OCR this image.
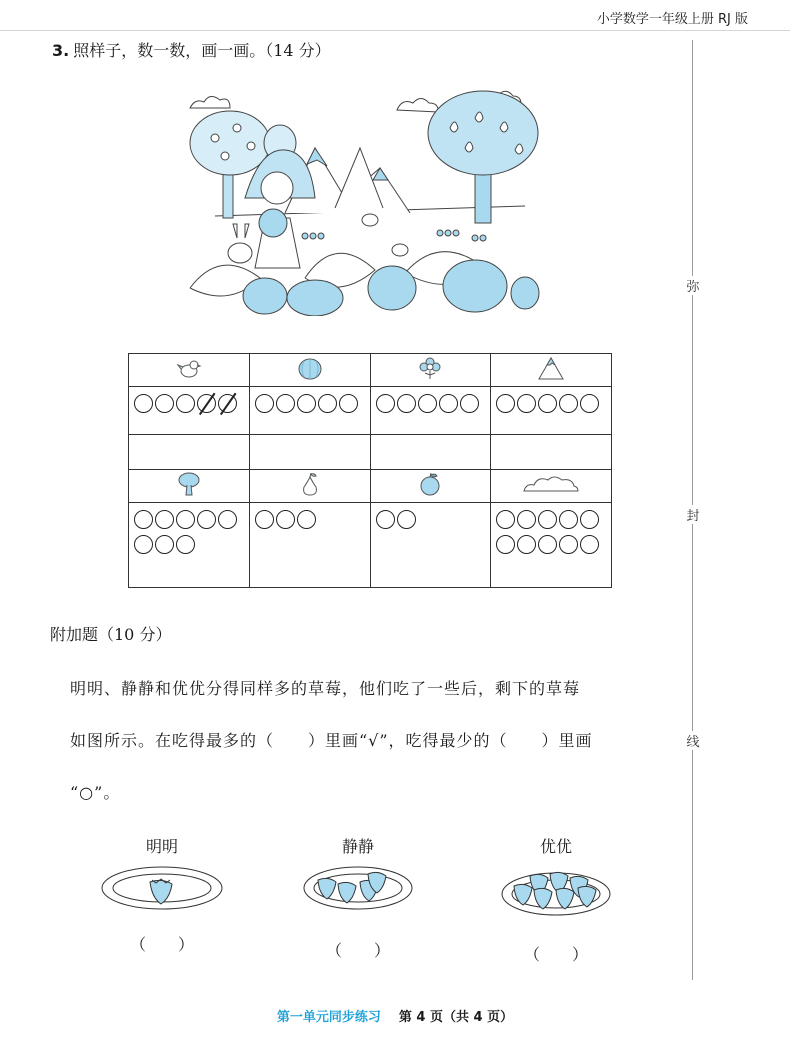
小学数学一年级上册 RJ 版
弥
封
线
3. 照样子，数一数，画一画。（14 分）

附加题（10 分）
明明、静静和优优分得同样多的草莓，他们吃了一些后，剩下的草莓
如图所示。在吃得最多的（　　）里画“√”，吃得最少的（　　）里画
“○”。
明明	静静	优优
（　　）	（　　）	（　　）
第一单元同步练习 第 4 页（共 4 页）
